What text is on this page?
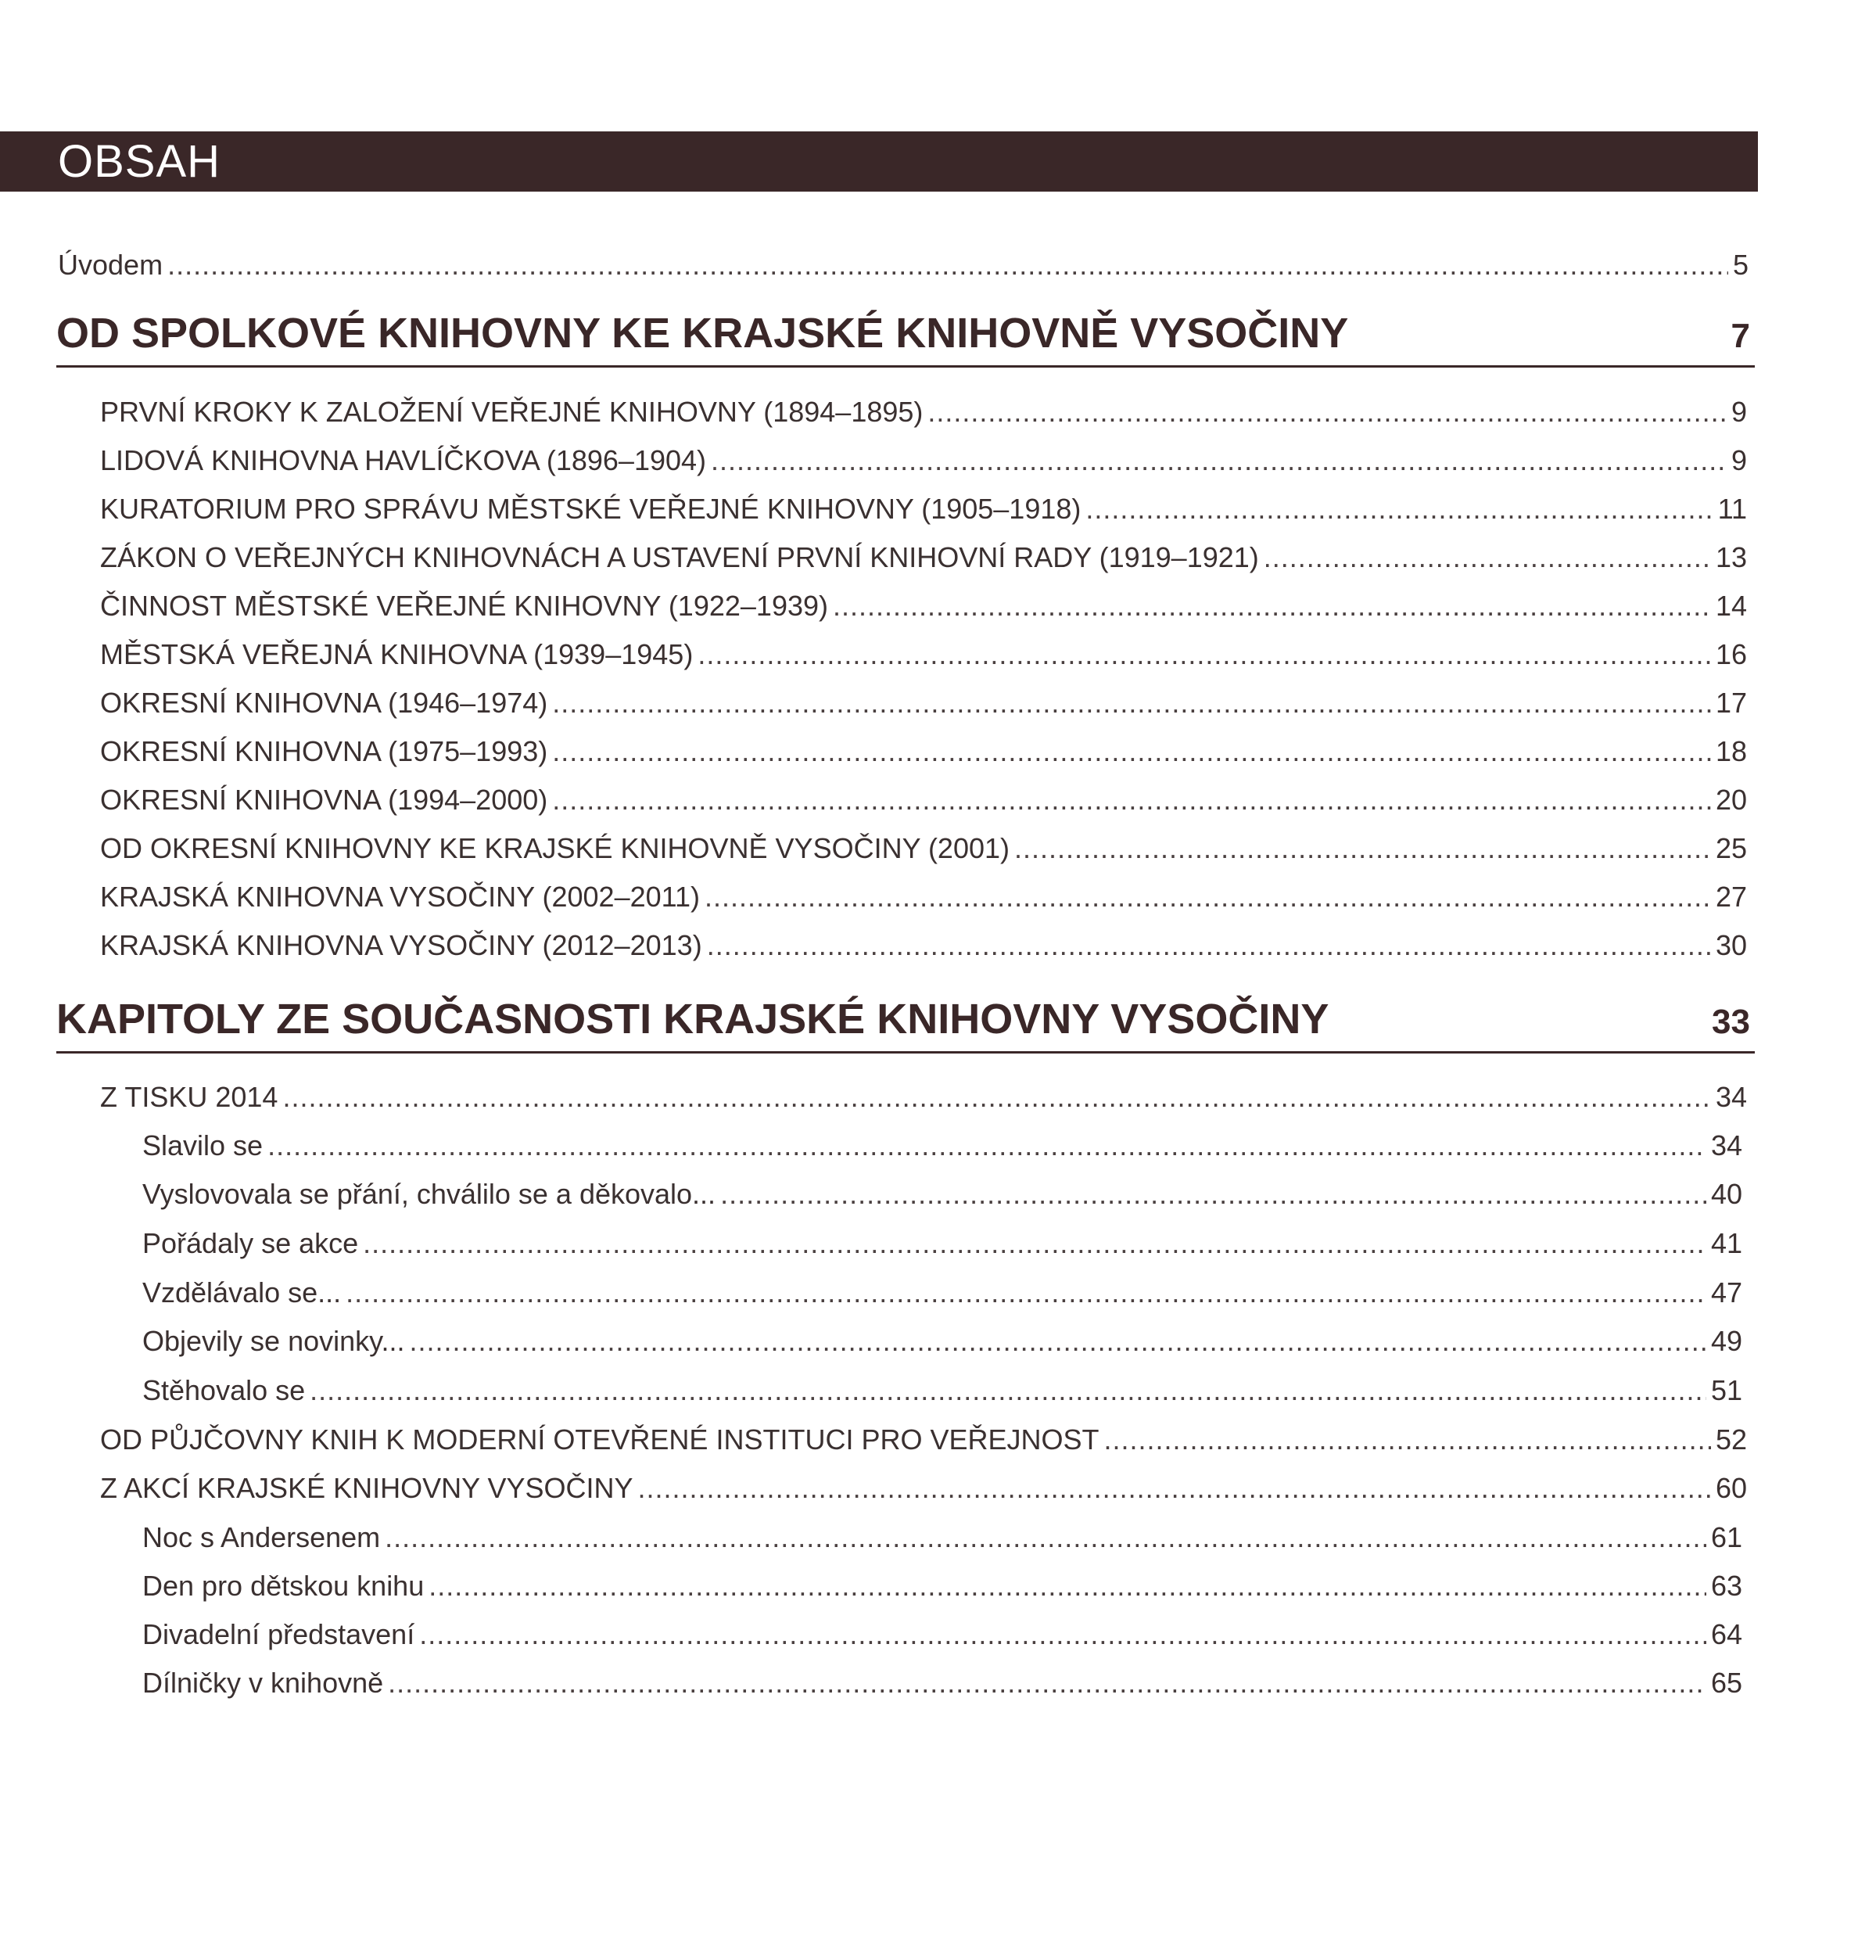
OBSAH
Úvodem .....	5
OD SPOLKOVÉ KNIHOVNY KE KRAJSKÉ KNIHOVNĚ VYSOČINY	7
PRVNÍ KROKY K ZALOŽENÍ VEŘEJNÉ KNIHOVNY (1894–1895) .....	9
LIDOVÁ KNIHOVNA HAVLÍČKOVA (1896–1904) .....	9
KURATORIUM PRO SPRÁVU MĚSTSKÉ VEŘEJNÉ KNIHOVNY (1905–1918) .....	11
ZÁKON O VEŘEJNÝCH KNIHOVNÁCH A USTAVENÍ PRVNÍ KNIHOVNÍ RADY (1919–1921) .....	13
ČINNOST MĚSTSKÉ VEŘEJNÉ KNIHOVNY (1922–1939) .....	14
MĚSTSKÁ VEŘEJNÁ KNIHOVNA (1939–1945) .....	16
OKRESNÍ KNIHOVNA (1946–1974) .....	17
OKRESNÍ KNIHOVNA (1975–1993) .....	18
OKRESNÍ KNIHOVNA (1994–2000) .....	20
OD OKRESNÍ KNIHOVNY KE KRAJSKÉ KNIHOVNĚ VYSOČINY (2001) .....	25
KRAJSKÁ KNIHOVNA VYSOČINY (2002–2011) .....	27
KRAJSKÁ KNIHOVNA VYSOČINY (2012–2013) .....	30
KAPITOLY ZE SOUČASNOSTI KRAJSKÉ KNIHOVNY VYSOČINY	33
Z TISKU 2014 .....	34
Slavilo se .....	34
Vyslovovala se přání, chválilo se a děkovalo... .....	40
Pořádaly se akce .....	41
Vzdělávalo se... .....	47
Objevily se novinky... .....	49
Stěhovalo se .....	51
OD PŮJČOVNY KNIH K MODERNÍ OTEVŘENÉ INSTITUCI PRO VEŘEJNOST .....	52
Z AKCÍ KRAJSKÉ KNIHOVNY VYSOČINY .....	60
Noc s Andersenem .....	61
Den pro dětskou knihu .....	63
Divadelní představení .....	64
Dílničky v knihovně .....	65
